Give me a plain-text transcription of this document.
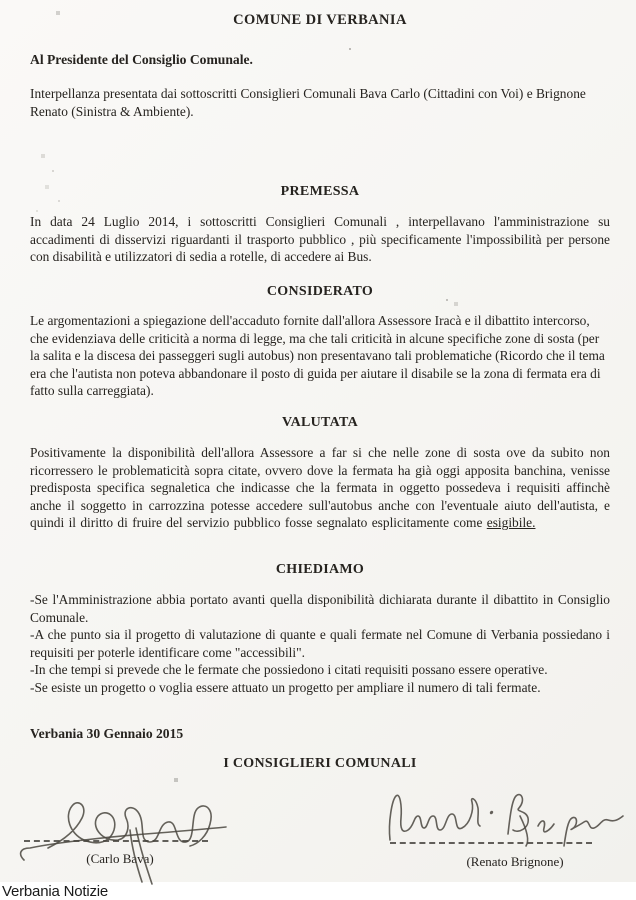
COMUNE DI VERBANIA

Al Presidente del Consiglio Comunale.

Interpellanza presentata dai sottoscritti Consiglieri Comunali Bava Carlo (Cittadini con Voi) e Brignone Renato (Sinistra & Ambiente).

PREMESSA

In data 24 Luglio 2014, i sottoscritti Consiglieri Comunali , interpellavano l'amministrazione su accadimenti di disservizi riguardanti il trasporto pubblico , più specificamente l'impossibilità per persone con disabilità e utilizzatori di sedia a rotelle, di accedere ai Bus.

CONSIDERATO

Le argomentazioni a spiegazione dell'accaduto fornite dall'allora Assessore Iracà e il dibattito intercorso, che evidenziava delle criticità a norma di legge, ma che tali criticità in alcune specifiche zone di sosta (per la salita e la discesa dei passeggeri sugli autobus) non presentavano tali problematiche (Ricordo che il tema era che l'autista non poteva abbandonare il posto di guida per aiutare il disabile se la zona di fermata era di fatto sulla carreggiata).

VALUTATA

Positivamente la disponibilità dell'allora Assessore a far si che nelle zone di sosta ove da subito non ricorressero le problematicità sopra citate, ovvero dove la fermata ha già oggi apposita banchina, venisse predisposta specifica segnaletica che indicasse che la fermata in oggetto possedeva i requisiti affinchè anche il soggetto in carrozzina potesse accedere sull'autobus anche con l'eventuale aiuto dell'autista, e quindi il diritto di fruire del servizio pubblico fosse segnalato esplicitamente come esigibile.

CHIEDIAMO

-Se l'Amministrazione abbia portato avanti quella disponibilità dichiarata durante il dibattito in Consiglio Comunale.

-A che punto sia il progetto di valutazione di quante e quali fermate nel Comune di Verbania possiedano i requisiti per poterle identificare come "accessibili".

-In che tempi si prevede che le fermate che possiedono i citati requisiti possano essere operative.

-Se esiste un progetto o voglia essere attuato un progetto per ampliare il numero di tali fermate.

Verbania 30 Gennaio 2015

I CONSIGLIERI COMUNALI
(Carlo Bava)	(Renato Brignone)
Verbania Notizie
